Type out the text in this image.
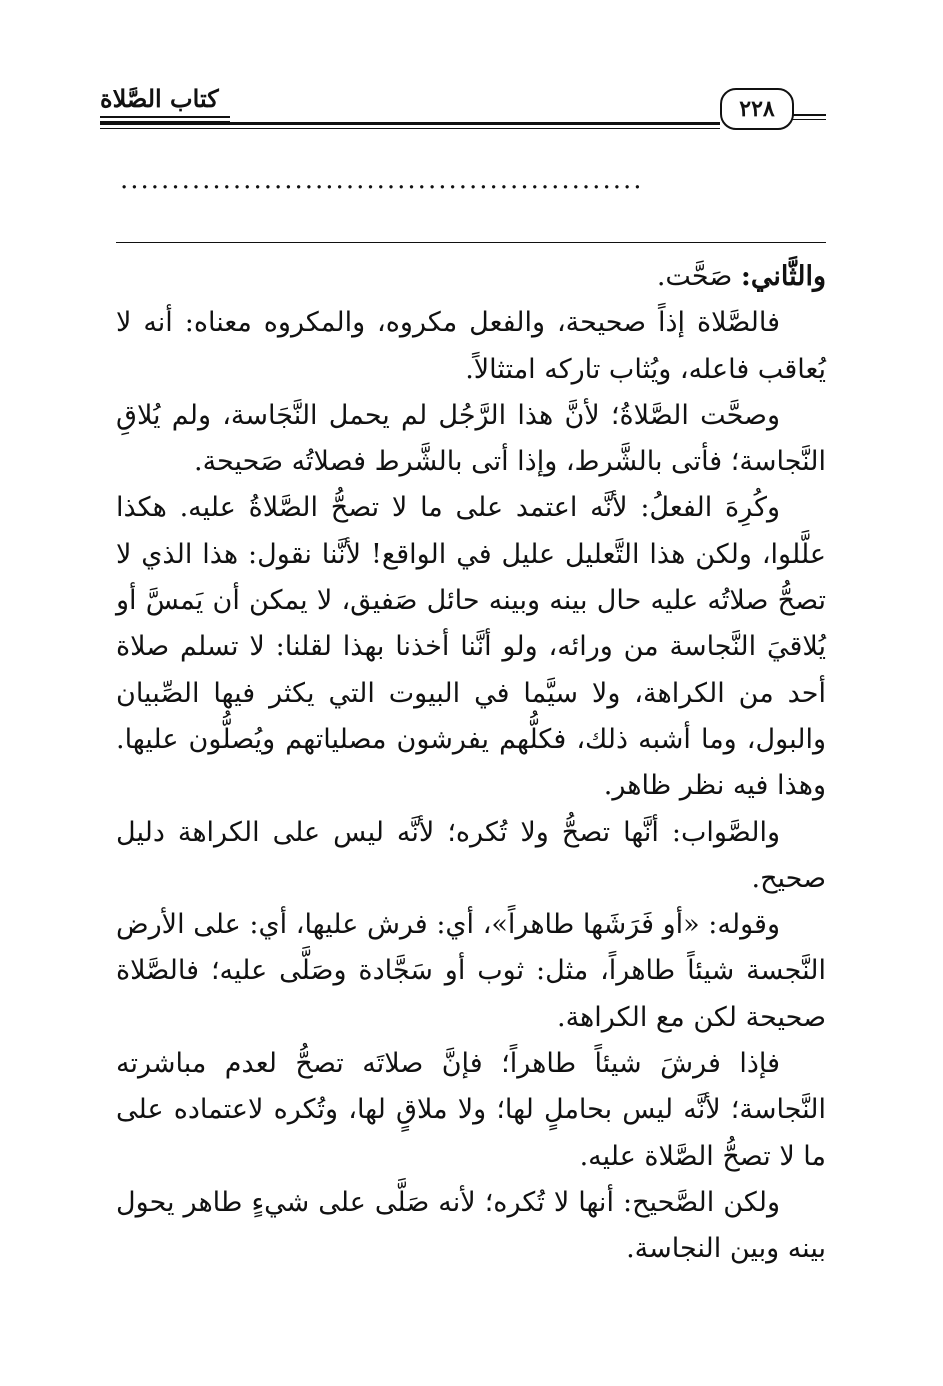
كتاب الصَّلاة	٢٢٨
...................................................

والثَّاني: صَحَّت.

فالصَّلاة إذاً صحيحة، والفعل مكروه، والمكروه معناه: أنه لا يُعاقب فاعله، ويُثاب تاركه امتثالاً.

وصحَّت الصَّلاةُ؛ لأنَّ هذا الرَّجُل لم يحمل النَّجَاسة، ولم يُلاقِ النَّجاسة؛ فأتى بالشَّرط، وإذا أتى بالشَّرط فصلاتُه صَحيحة.

وكُرِهَ الفعلُ: لأنَّه اعتمد على ما لا تصحُّ الصَّلاةُ عليه. هكذا علَّلوا، ولكن هذا التَّعليل عليل في الواقع! لأنَّنا نقول: هذا الذي لا تصحُّ صلاتُه عليه حال بينه وبينه حائل صَفيق، لا يمكن أن يَمسَّ أو يُلاقيَ النَّجاسة من ورائه، ولو أنَّنا أخذنا بهذا لقلنا: لا تسلم صلاة أحد من الكراهة، ولا سيَّما في البيوت التي يكثر فيها الصِّبيان والبول، وما أشبه ذلك، فكلُّهم يفرشون مصلياتهم ويُصلُّون عليها. وهذا فيه نظر ظاهر.

والصَّواب: أنَّها تصحُّ ولا تُكره؛ لأنَّه ليس على الكراهة دليل صحيح.

وقوله: «أو فَرَشَها طاهراً»، أي: فرش عليها، أي: على الأرض النَّجسة شيئاً طاهراً، مثل: ثوب أو سَجَّادة وصَلَّى عليه؛ فالصَّلاة صحيحة لكن مع الكراهة.

فإذا فرشَ شيئاً طاهراً؛ فإنَّ صلاتَه تصحُّ لعدم مباشرته النَّجاسة؛ لأنَّه ليس بحاملٍ لها؛ ولا ملاقٍ لها، وتُكره لاعتماده على ما لا تصحُّ الصَّلاة عليه.

ولكن الصَّحيح: أنها لا تُكره؛ لأنه صَلَّى على شيءٍ طاهر يحول بينه وبين النجاسة.
